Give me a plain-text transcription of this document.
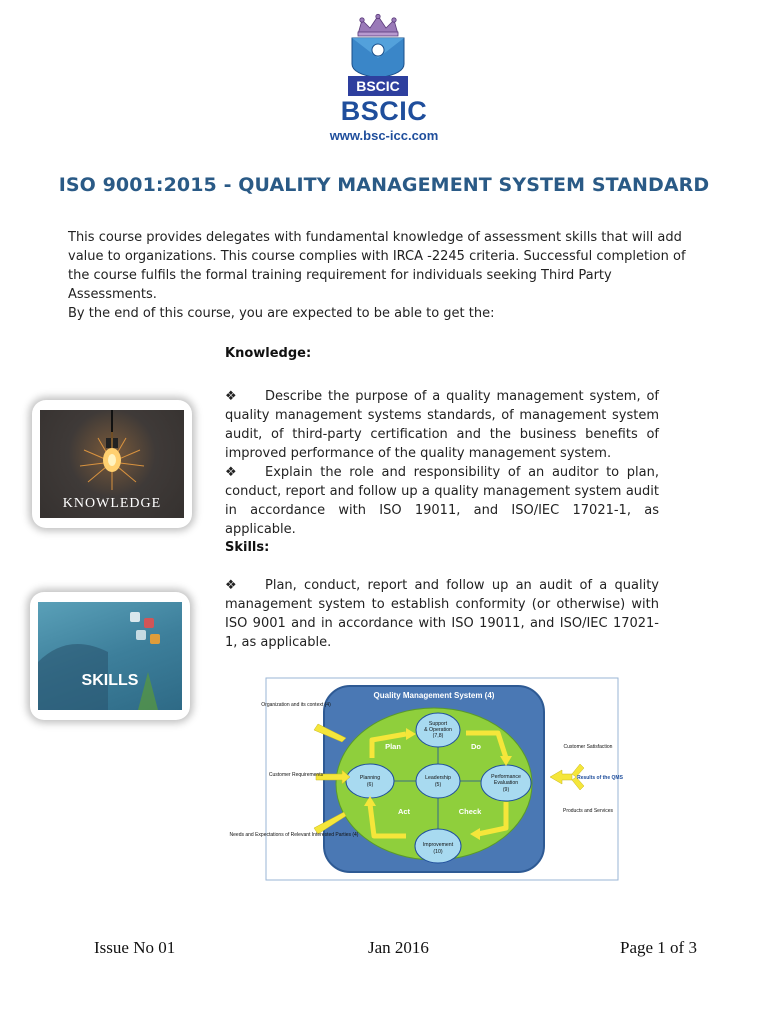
BSCIC
BSCIC
www.bsc-icc.com
ISO 9001:2015 - QUALITY MANAGEMENT SYSTEM STANDARD
This course provides delegates with fundamental knowledge of assessment skills that will add value to organizations. This course complies with IRCA -2245 criteria. Successful completion of the course fulfils the formal training requirement for individuals seeking Third Party Assessments.
By the end of this course, you are expected to be able to get the:
Knowledge:

❖ Describe the purpose of a quality management system, of quality management systems standards, of management system audit, of third-party certification and the business benefits of improved performance of the quality management system.

❖ Explain the role and responsibility of an auditor to plan, conduct, report and follow up a quality management system audit in accordance with ISO 19011, and ISO/IEC 17021-1, as applicable.

KNOWLEDGE
Skills:

❖ Plan, conduct, report and follow up an audit of a quality management system to establish conformity (or otherwise) with ISO 9001 and in accordance with ISO 19011, and ISO/IEC 17021-1, as applicable.

SKILLS
Quality Management System (4)
Support
& Operation
(7,8)
Planning
(6)
Leadership
(5)
Performance
Evaluation
(9)
Improvement
(10)
Plan	Do
Act	Check
Organization and its context (4)
Customer Requirements
Needs and Expectations of Relevant Interested Parties (4)
Customer Satisfaction
Results of the QMS
Products and Services
Issue No 01	Jan 2016	Page 1 of 3
